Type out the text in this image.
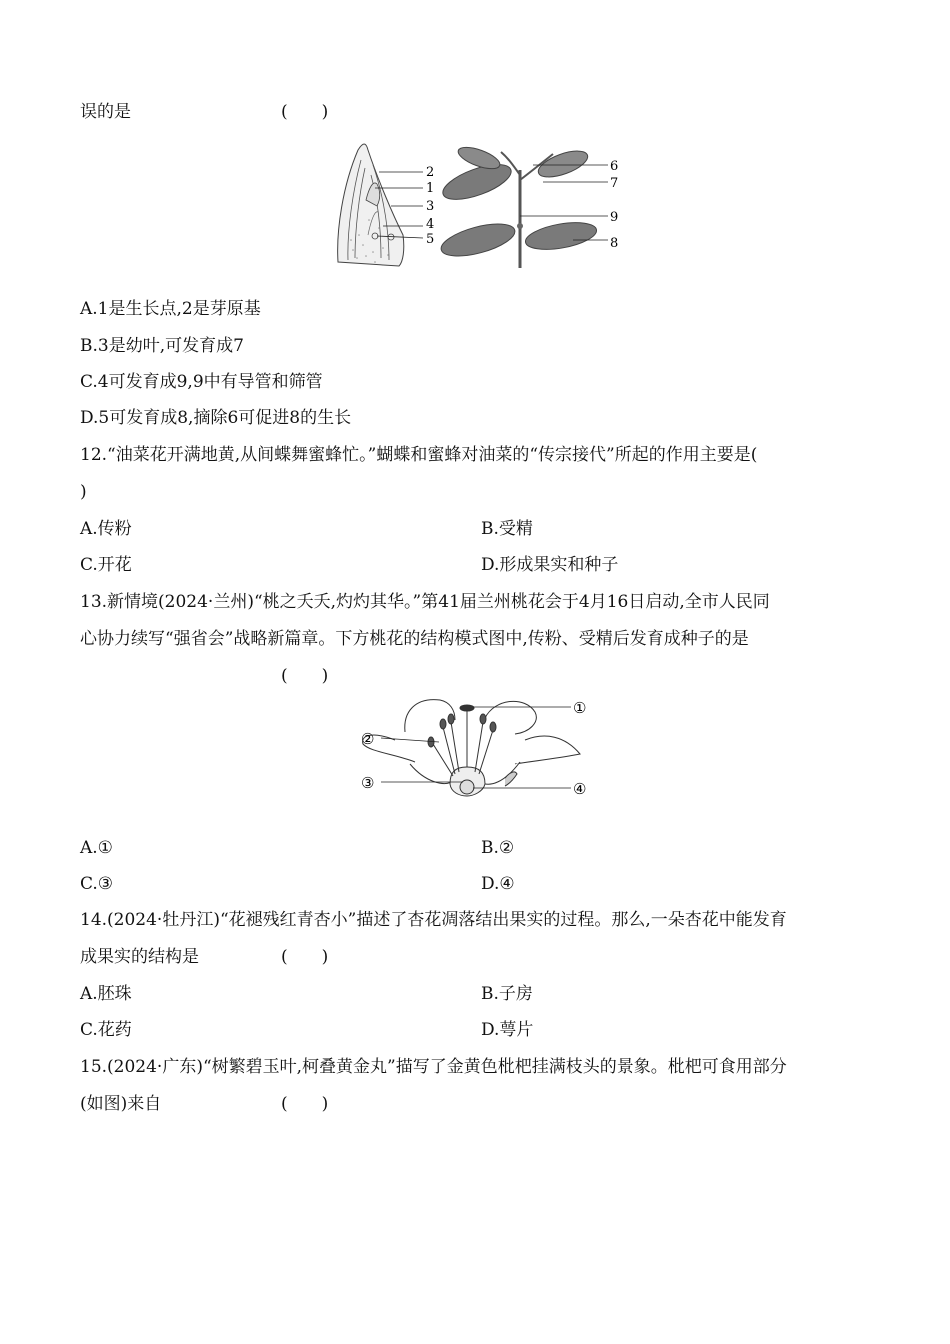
误的是	(　　)
2
1
3
4
5
6
7
9
8
A.1是生长点,2是芽原基
B.3是幼叶,可发育成7
C.4可发育成9,9中有导管和筛管
D.5可发育成8,摘除6可促进8的生长
12.“油菜花开满地黄,从间蝶舞蜜蜂忙。”蝴蝶和蜜蜂对油菜的“传宗接代”所起的作用主要是(
)
A.传粉	B.受精
C.开花	D.形成果实和种子
13.新情境(2024·兰州)“桃之夭夭,灼灼其华。”第41届兰州桃花会于4月16日启动,全市人民同
心协力续写“强省会”战略新篇章。下方桃花的结构模式图中,传粉、受精后发育成种子的是
(　　)
①
②
③	④
A.①	B.②
C.③	D.④
14.(2024·牡丹江)“花褪残红青杏小”描述了杏花凋落结出果实的过程。那么,一朵杏花中能发育
成果实的结构是	(　　)
A.胚珠	B.子房
C.花药	D.萼片
15.(2024·广东)“树繁碧玉叶,柯叠黄金丸”描写了金黄色枇杷挂满枝头的景象。枇杷可食用部分
(如图)来自	(　　)
